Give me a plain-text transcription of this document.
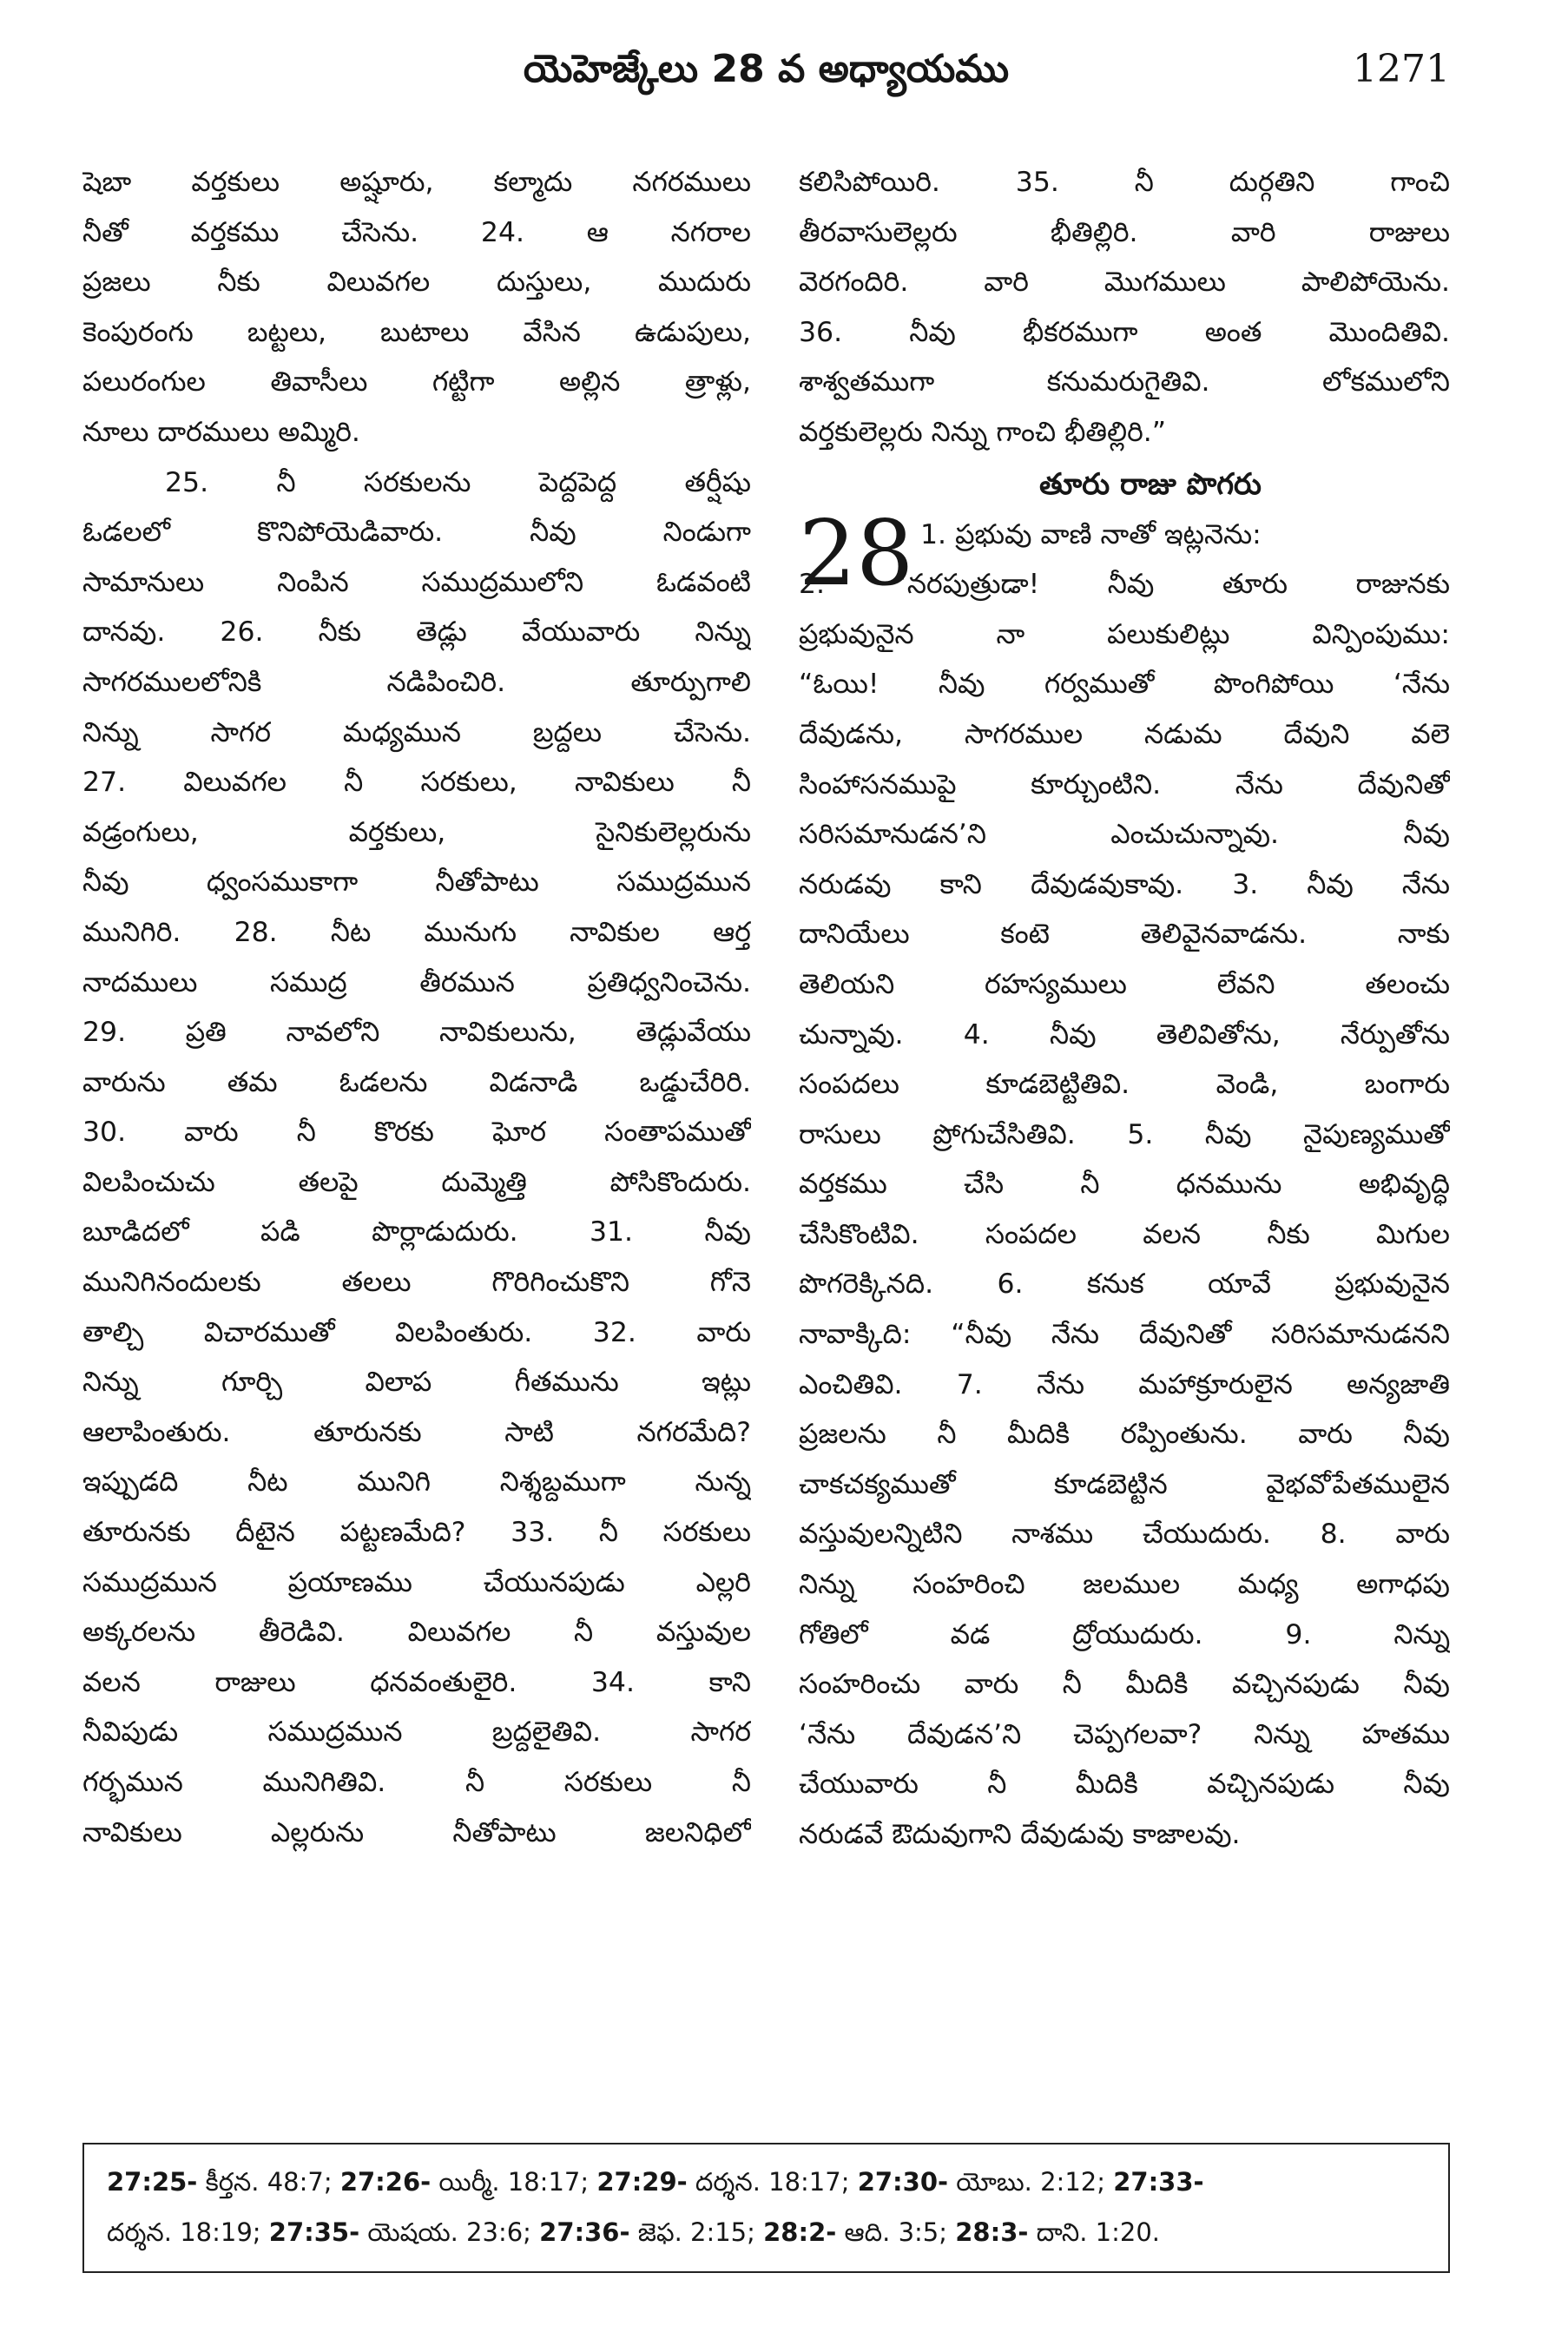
యెహెజ్కేలు 28 వ అధ్యాయము	1271
షెబా వర్తకులు అష్షూరు, కల్మాదు నగరములు
నీతో వర్తకము చేసెను. 24. ఆ నగరాల
ప్రజలు నీకు విలువగల దుస్తులు, ముదురు
కెంపురంగు బట్టలు, బుటాలు వేసిన ఉడుపులు,
పలురంగుల తివాసీలు గట్టిగా అల్లిన త్రాళ్లు,
నూలు దారములు అమ్మిరి.
25. నీ సరకులను పెద్దపెద్ద తర్షీషు
ఓడలలో కొనిపోయెడివారు. నీవు నిండుగా
సామానులు నింపిన సముద్రములోని ఓడవంటి
దానవు. 26. నీకు తెడ్లు వేయువారు నిన్ను
సాగరములలోనికి నడిపించిరి. తూర్పుగాలి
నిన్ను సాగర మధ్యమున బ్రద్దలు చేసెను.
27. విలువగల నీ సరకులు, నావికులు నీ
వడ్రంగులు, వర్తకులు, సైనికులెల్లరును
నీవు ధ్వంసముకాగా నీతోపాటు సముద్రమున
మునిగిరి. 28. నీట మునుగు నావికుల ఆర్త
నాదములు సముద్ర తీరమున ప్రతిధ్వనించెను.
29. ప్రతి నావలోని నావికులును, తెడ్లువేయు
వారును తమ ఓడలను విడనాడి ఒడ్డుచేరిరి.
30. వారు నీ కొరకు ఘోర సంతాపముతో
విలపించుచు తలపై దుమ్మెత్తి పోసికొందురు.
బూడిదలో పడి పొర్లాడుదురు. 31. నీవు
మునిగినందులకు తలలు గొరిగించుకొని గోనె
తాల్చి విచారముతో విలపింతురు. 32. వారు
నిన్ను గూర్చి విలాప గీతమును ఇట్లు
ఆలాపింతురు. తూరునకు సాటి నగరమేది?
ఇప్పుడది నీట మునిగి నిశ్శబ్దముగా నున్న
తూరునకు దీటైన పట్టణమేది? 33. నీ సరకులు
సముద్రమున ప్రయాణము చేయునపుడు ఎల్లరి
అక్కరలను తీరెడివి. విలువగల నీ వస్తువుల
వలన రాజులు ధనవంతులైరి. 34. కాని
నీవిపుడు సముద్రమున బ్రద్దలైతివి. సాగర
గర్భమున మునిగితివి. నీ సరకులు నీ
నావికులు ఎల్లరును నీతోపాటు జలనిధిలో
కలిసిపోయిరి. 35. నీ దుర్గతిని గాంచి
తీరవాసులెల్లరు భీతిల్లిరి. వారి రాజులు
వెరగందిరి. వారి మొగములు పాలిపోయెను.
36. నీవు భీకరముగా అంత మొందితివి.
శాశ్వతముగా కనుమరుగైతివి. లోకములోని
వర్తకులెల్లరు నిన్ను గాంచి భీతిల్లిరి.”
తూరు రాజు పొగరు
28 1. ప్రభువు వాణి నాతో ఇట్లనెను:
2. “నరపుత్రుడా! నీవు తూరు రాజునకు
ప్రభువునైన నా పలుకులిట్లు విన్పింపుము:
“ఓయి! నీవు గర్వముతో పొంగిపోయి ‘నేను
దేవుడను, సాగరముల నడుమ దేవుని వలె
సింహాసనముపై కూర్చుంటిని. నేను దేవునితో
సరిసమానుడన’ని ఎంచుచున్నావు. నీవు
నరుడవు కాని దేవుడవుకావు. 3. నీవు నేను
దానియేలు కంటె తెలివైనవాడను. నాకు
తెలియని రహస్యములు లేవని తలంచు
చున్నావు. 4. నీవు తెలివితోను, నేర్పుతోను
సంపదలు కూడబెట్టితివి. వెండి, బంగారు
రాసులు ప్రోగుచేసితివి. 5. నీవు నైపుణ్యముతో
వర్తకము చేసి నీ ధనమును అభివృద్ధి
చేసికొంటివి. సంపదల వలన నీకు మిగుల
పొగరెక్కినది. 6. కనుక యావే ప్రభువునైన
నావాక్కిది: “నీవు నేను దేవునితో సరిసమానుడనని
ఎంచితివి. 7. నేను మహాక్రూరులైన అన్యజాతి
ప్రజలను నీ మీదికి రప్పింతును. వారు నీవు
చాకచక్యముతో కూడబెట్టిన వైభవోపేతములైన
వస్తువులన్నిటిని నాశము చేయుదురు. 8. వారు
నిన్ను సంహరించి జలముల మధ్య అగాధపు
గోతిలో వడ ద్రోయుదురు. 9. నిన్ను
సంహరించు వారు నీ మీదికి వచ్చినపుడు నీవు
‘నేను దేవుడన’ని చెప్పగలవా? నిన్ను హతము
చేయువారు నీ మీదికి వచ్చినపుడు నీవు
నరుడవే ఔదువుగాని దేవుడువు కాజాలవు.
27:25- కీర్తన. 48:7; 27:26- యిర్మీ. 18:17; 27:29- దర్శన. 18:17; 27:30- యోబు. 2:12; 27:33-
దర్శన. 18:19; 27:35- యెషయ. 23:6; 27:36- జెఫ. 2:15; 28:2- ఆది. 3:5; 28:3- దాని. 1:20.
